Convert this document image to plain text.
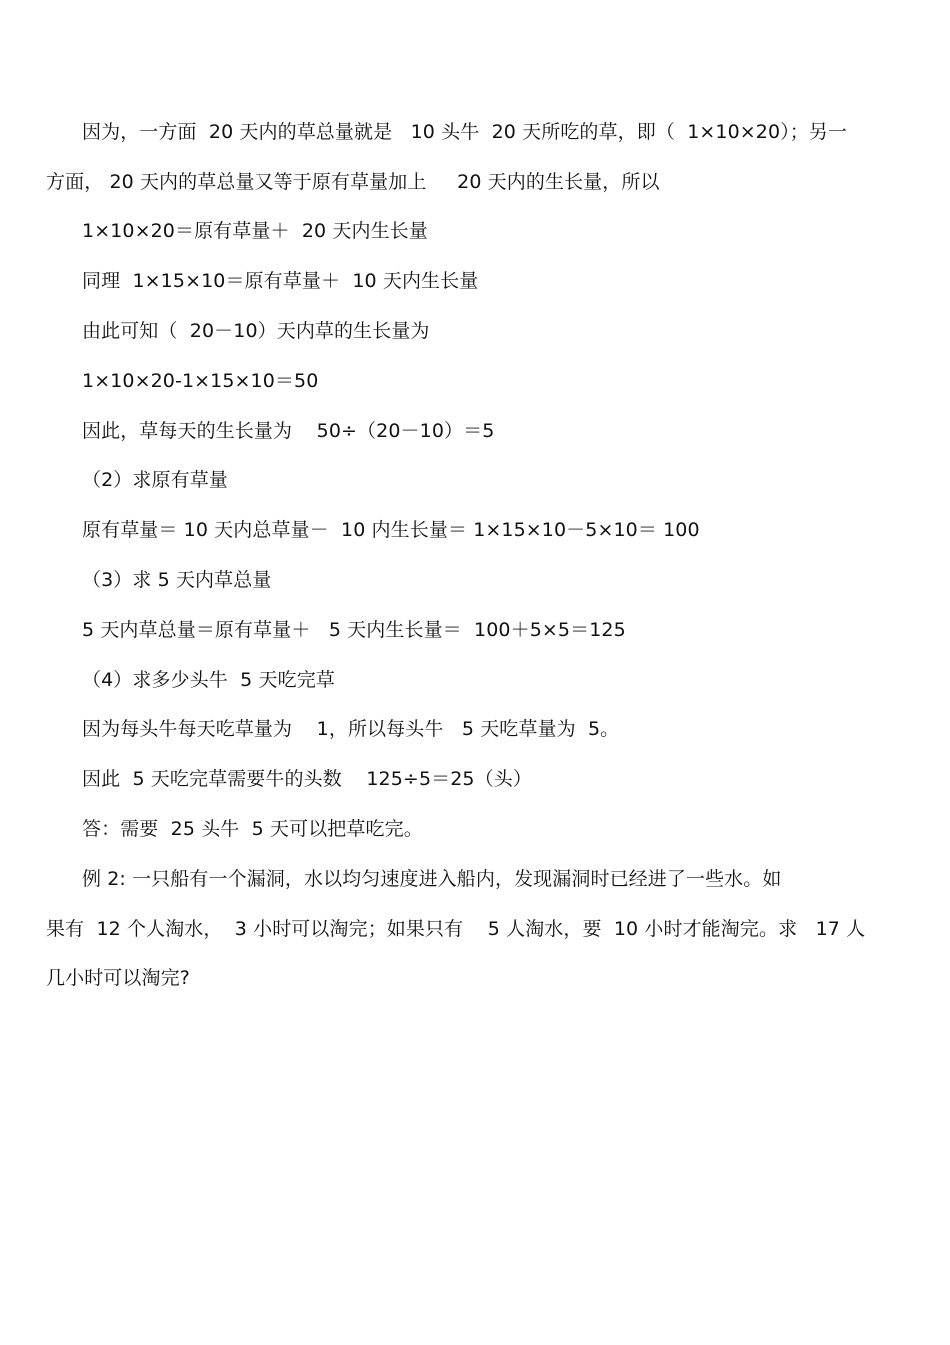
因为，一方面  20 天内的草总量就是   10 头牛  20 天所吃的草，即（  1×10×20）；另一
方面， 20 天内的草总量又等于原有草量加上     20 天内的生长量，所以
1×10×20＝原有草量＋  20 天内生长量
同理  1×15×10＝原有草量＋  10 天内生长量
由此可知（  20－10）天内草的生长量为
1×10×20-1×15×10＝50
因此，草每天的生长量为    50÷（20－10）＝5
（2）求原有草量
原有草量＝ 10 天内总草量－  10 内生长量＝ 1×15×10－5×10＝ 100
（3）求 5 天内草总量
5 天内草总量＝原有草量＋   5 天内生长量＝  100＋5×5＝125
（4）求多少头牛  5 天吃完草
因为每头牛每天吃草量为    1，所以每头牛   5 天吃草量为  5。
因此  5 天吃完草需要牛的头数    125÷5＝25（头）
答：需要  25 头牛  5 天可以把草吃完。
例 2: 一只船有一个漏洞，水以均匀速度进入船内，发现漏洞时已经进了一些水。如
果有  12 个人淘水，  3 小时可以淘完；如果只有    5 人淘水，要  10 小时才能淘完。求   17 人
几小时可以淘完?
